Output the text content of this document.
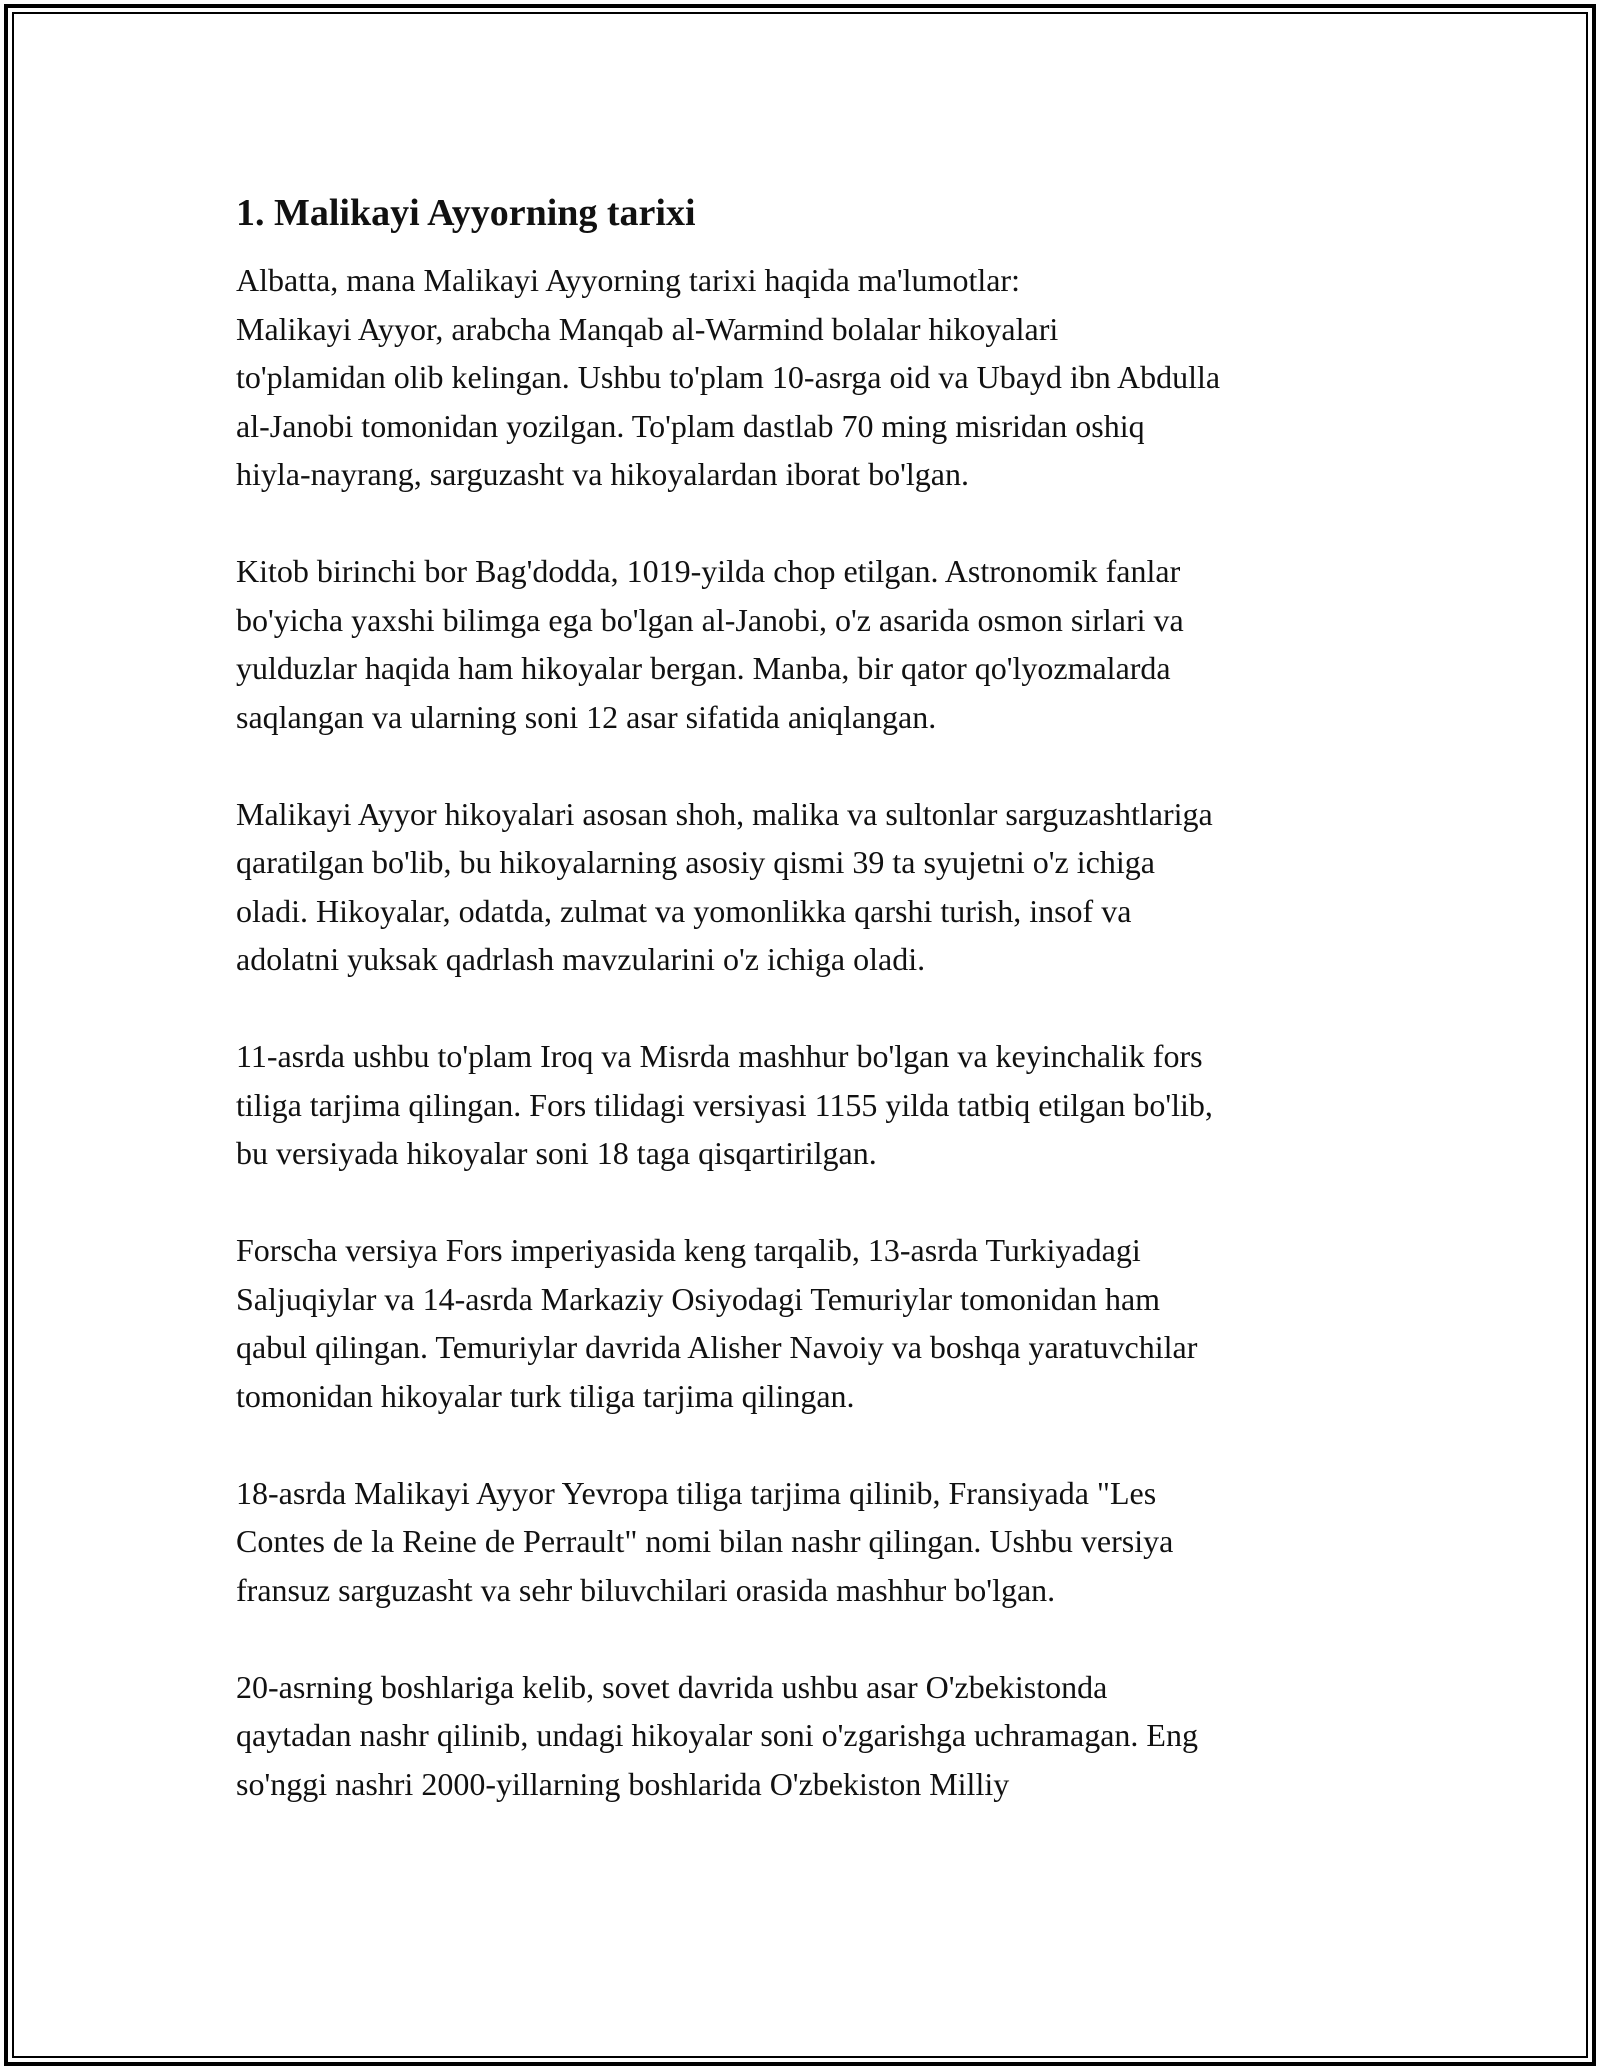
1. Malikayi Ayyorning tarixi

Albatta, mana Malikayi Ayyorning tarixi haqida ma'lumotlar:

Malikayi Ayyor, arabcha Manqab al-Warmind bolalar hikoyalari
to'plamidan olib kelingan. Ushbu to'plam 10-asrga oid va Ubayd ibn Abdulla
al-Janobi tomonidan yozilgan. To'plam dastlab 70 ming misridan oshiq
hiyla-nayrang, sarguzasht va hikoyalardan iborat bo'lgan.

Kitob birinchi bor Bag'dodda, 1019-yilda chop etilgan. Astronomik fanlar
bo'yicha yaxshi bilimga ega bo'lgan al-Janobi, o'z asarida osmon sirlari va
yulduzlar haqida ham hikoyalar bergan. Manba, bir qator qo'lyozmalarda
saqlangan va ularning soni 12 asar sifatida aniqlangan.

Malikayi Ayyor hikoyalari asosan shoh, malika va sultonlar sarguzashtlariga
qaratilgan bo'lib, bu hikoyalarning asosiy qismi 39 ta syujetni o'z ichiga
oladi. Hikoyalar, odatda, zulmat va yomonlikka qarshi turish, insof va
adolatni yuksak qadrlash mavzularini o'z ichiga oladi.

11-asrda ushbu to'plam Iroq va Misrda mashhur bo'lgan va keyinchalik fors
tiliga tarjima qilingan. Fors tilidagi versiyasi 1155 yilda tatbiq etilgan bo'lib,
bu versiyada hikoyalar soni 18 taga qisqartirilgan.

Forscha versiya Fors imperiyasida keng tarqalib, 13-asrda Turkiyadagi
Saljuqiylar va 14-asrda Markaziy Osiyodagi Temuriylar tomonidan ham
qabul qilingan. Temuriylar davrida Alisher Navoiy va boshqa yaratuvchilar
tomonidan hikoyalar turk tiliga tarjima qilingan.

18-asrda Malikayi Ayyor Yevropa tiliga tarjima qilinib, Fransiyada "Les
Contes de la Reine de Perrault" nomi bilan nashr qilingan. Ushbu versiya
fransuz sarguzasht va sehr biluvchilari orasida mashhur bo'lgan.

20-asrning boshlariga kelib, sovet davrida ushbu asar O'zbekistonda
qaytadan nashr qilinib, undagi hikoyalar soni o'zgarishga uchramagan. Eng
so'nggi nashri 2000-yillarning boshlarida O'zbekiston Milliy
